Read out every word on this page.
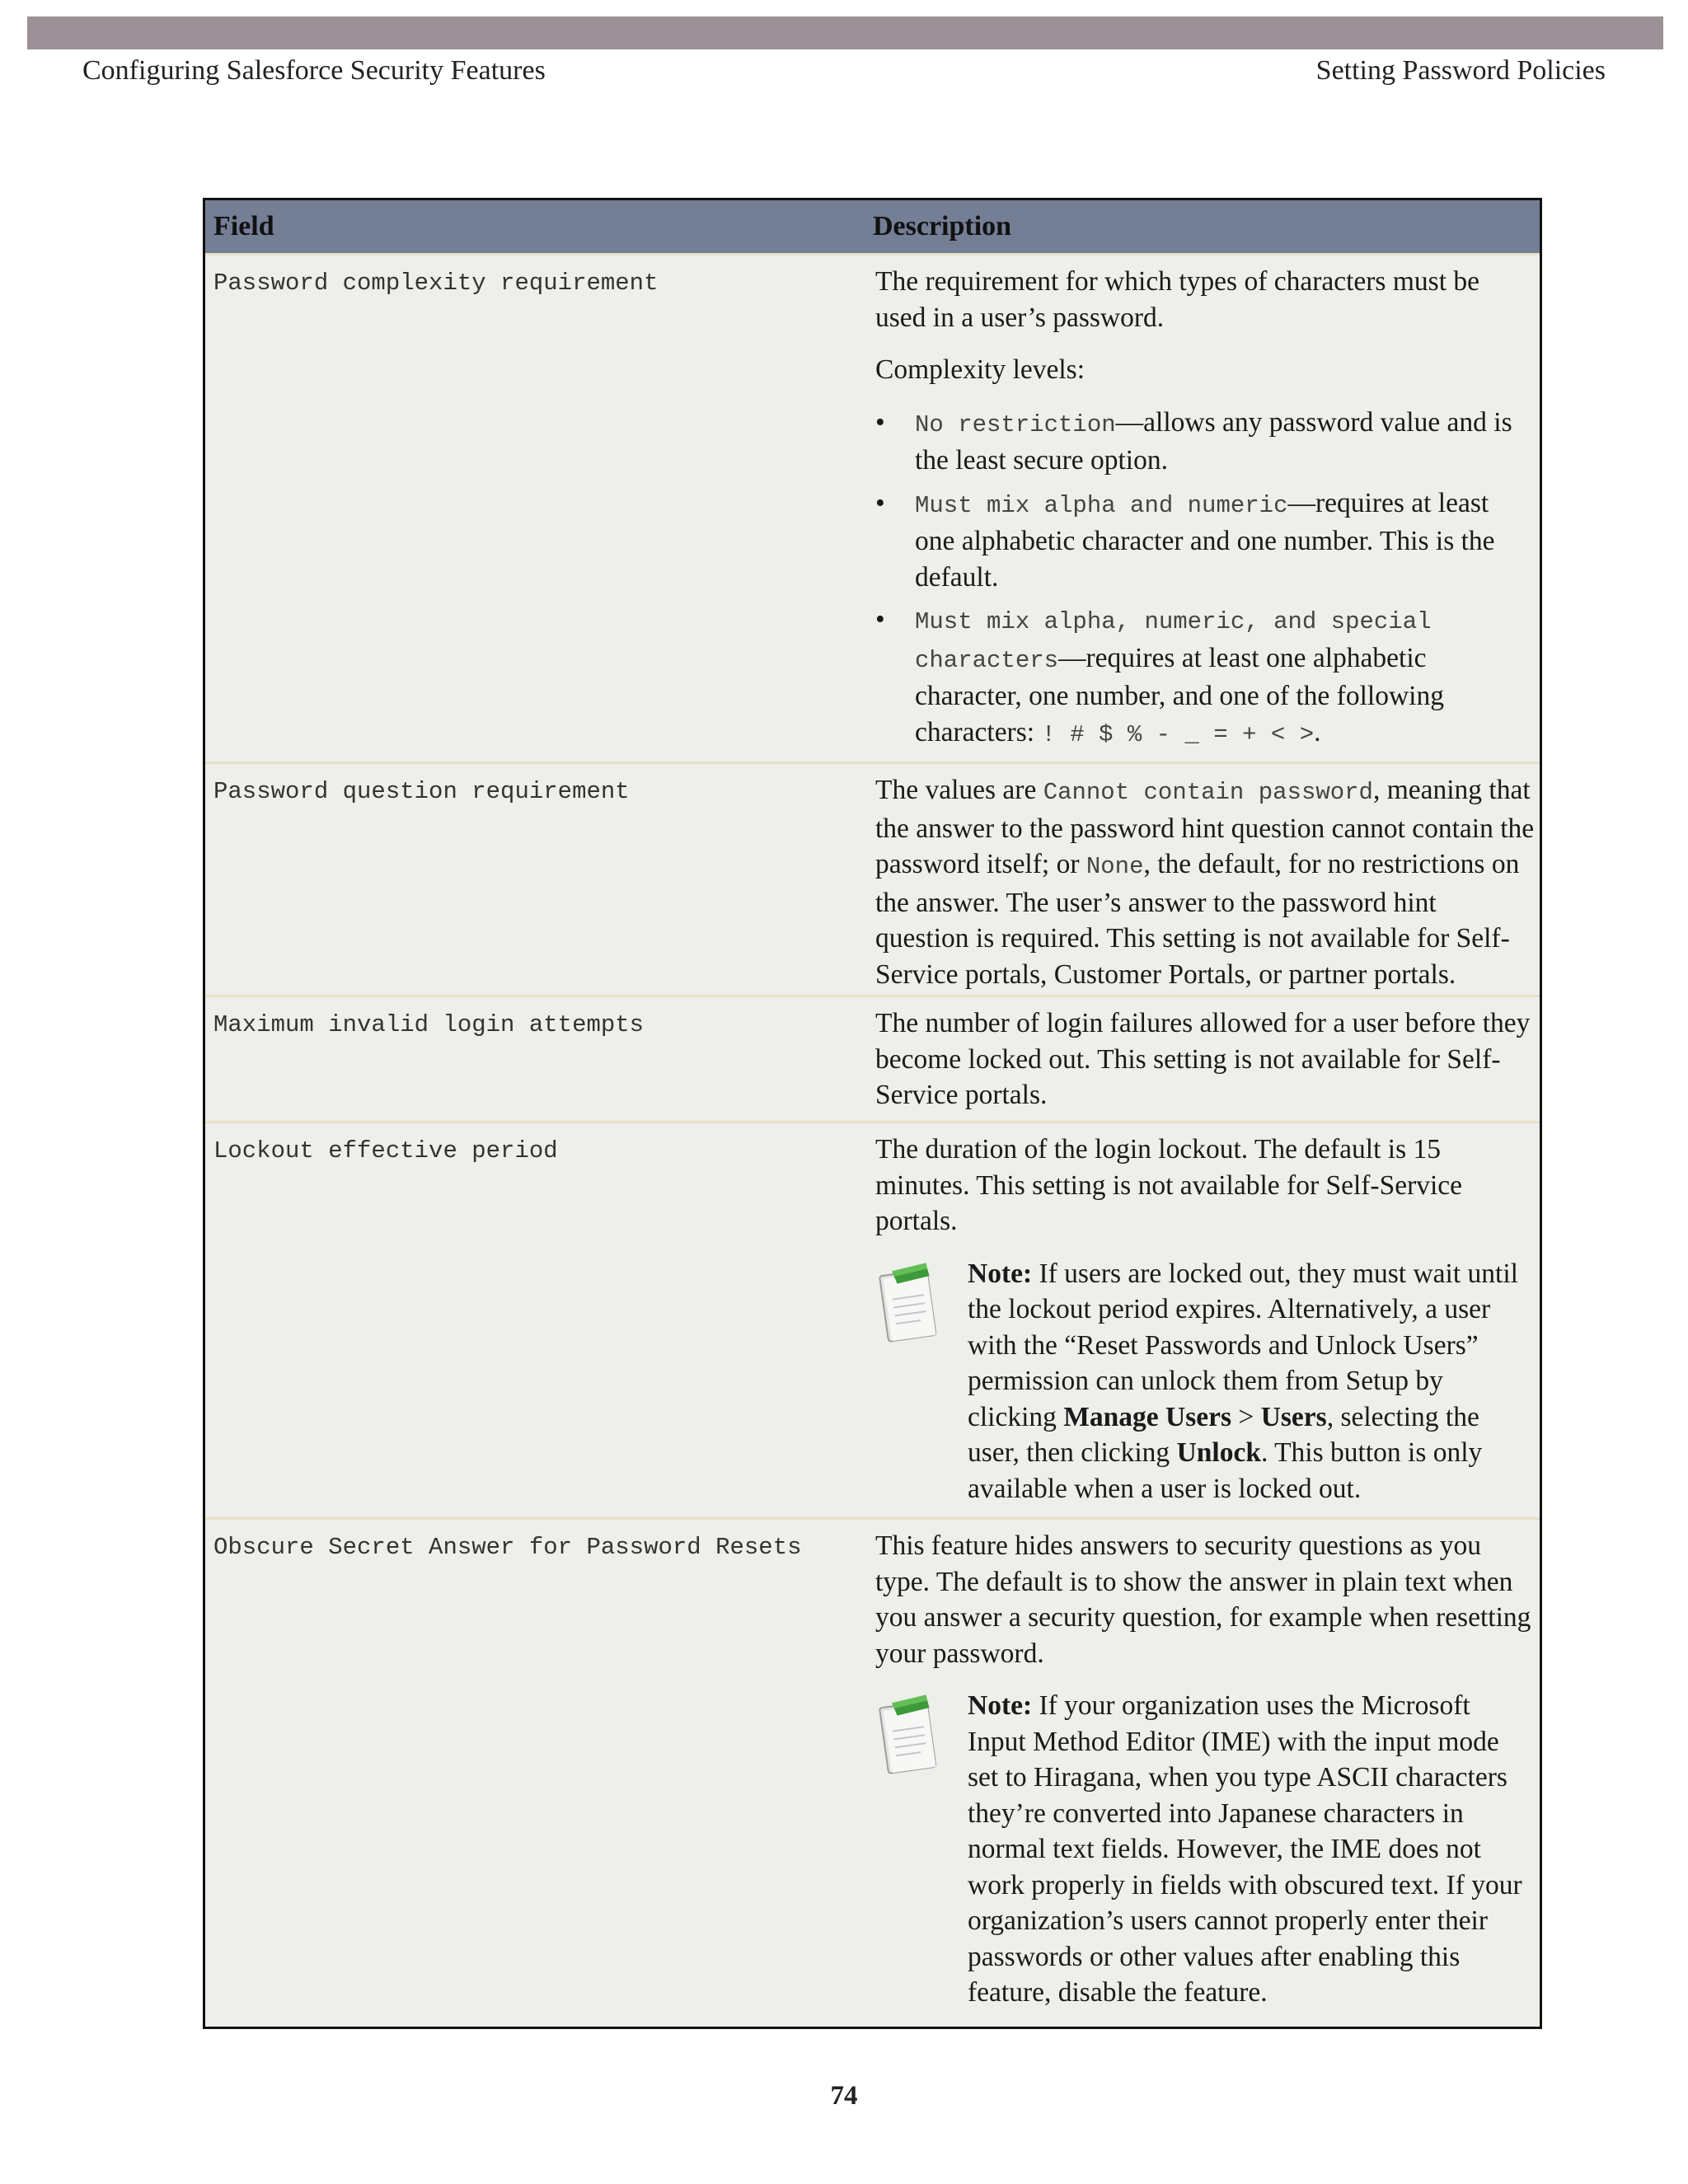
Configuring Salesforce Security Features	Setting Password Policies
Field	Description
Password complexity requirement	The requirement for which types of characters must be used in a user’s password.

Complexity levels:

• No restriction—allows any password value and is the least secure option.
• Must mix alpha and numeric—requires at least one alphabetic character and one number. This is the default.
• Must mix alpha, numeric, and special characters—requires at least one alphabetic character, one number, and one of the following characters: ! # $ % - _ = + < >.
Password question requirement	The values are Cannot contain password, meaning that the answer to the password hint question cannot contain the password itself; or None, the default, for no restrictions on the answer. The user’s answer to the password hint question is required. This setting is not available for Self-Service portals, Customer Portals, or partner portals.

Maximum invalid login attempts	The number of login failures allowed for a user before they become locked out. This setting is not available for Self-Service portals.

Lockout effective period	The duration of the login lockout. The default is 15 minutes. This setting is not available for Self-Service portals.

Note: If users are locked out, they must wait until the lockout period expires. Alternatively, a user with the “Reset Passwords and Unlock Users” permission can unlock them from Setup by clicking Manage Users > Users, selecting the user, then clicking Unlock. This button is only available when a user is locked out.
Obscure Secret Answer for Password Resets	This feature hides answers to security questions as you type. The default is to show the answer in plain text when you answer a security question, for example when resetting your password.

Note: If your organization uses the Microsoft Input Method Editor (IME) with the input mode set to Hiragana, when you type ASCII characters they’re converted into Japanese characters in normal text fields. However, the IME does not work properly in fields with obscured text. If your organization’s users cannot properly enter their passwords or other values after enabling this feature, disable the feature.
74
